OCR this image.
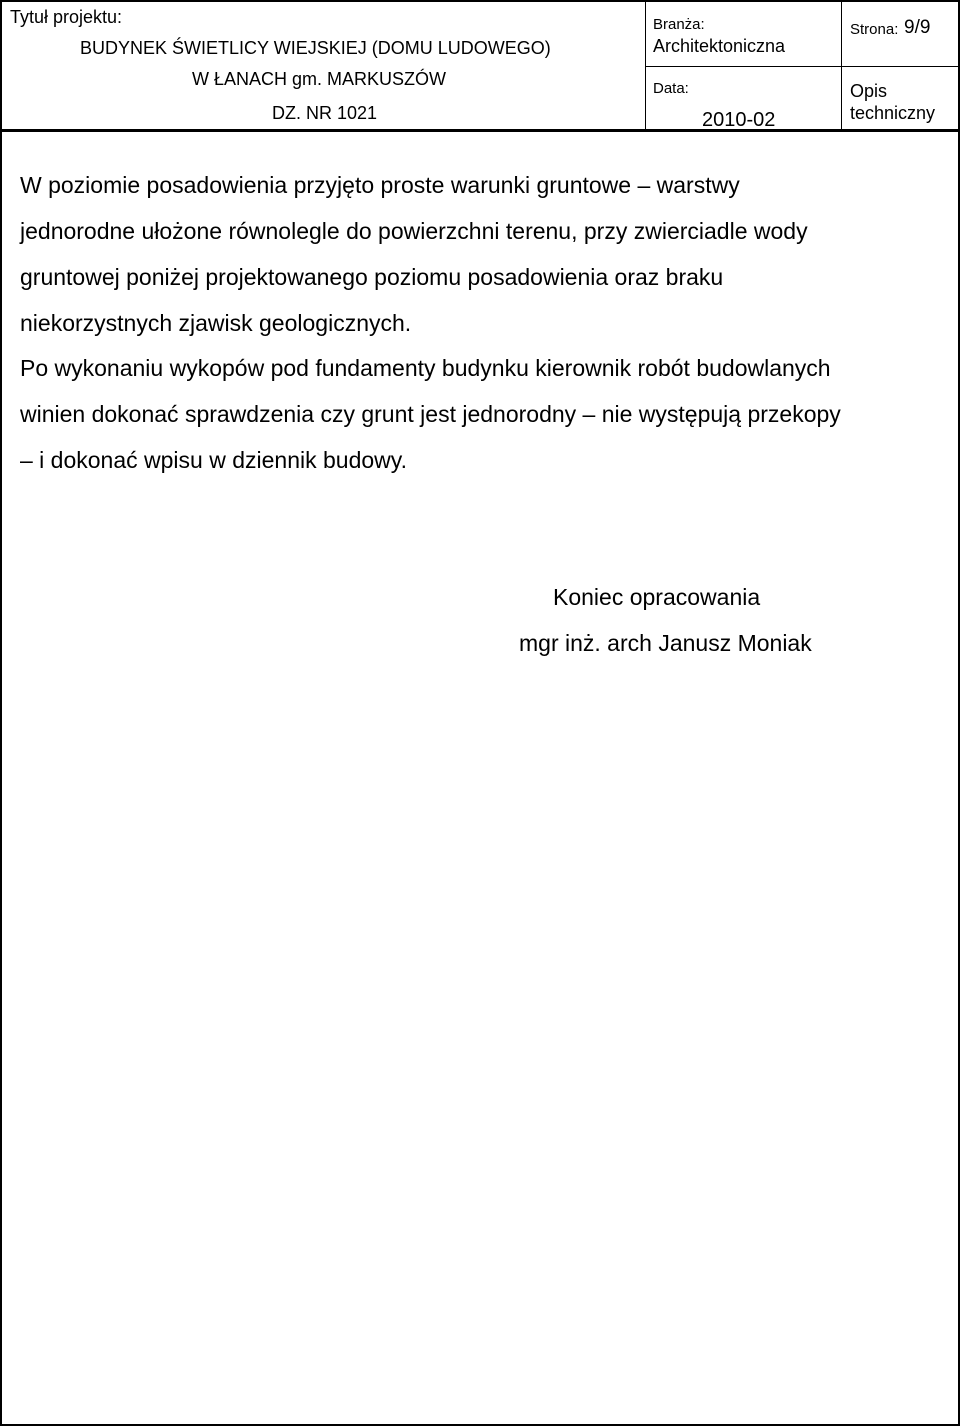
Tytuł projektu:
BUDYNEK ŚWIETLICY WIEJSKIEJ (DOMU LUDOWEGO)
W ŁANACH gm. MARKUSZÓW
DZ. NR 1021
Branża:
Architektoniczna
Data:
2010-02
Strona: 9/9
Opis
techniczny
W poziomie posadowienia przyjęto proste warunki gruntowe – warstwy
jednorodne ułożone równolegle do powierzchni terenu, przy zwierciadle wody
gruntowej poniżej projektowanego poziomu posadowienia oraz braku
niekorzystnych zjawisk geologicznych.
Po wykonaniu wykopów pod fundamenty budynku kierownik robót budowlanych
winien dokonać sprawdzenia czy grunt jest jednorodny – nie występują przekopy
– i dokonać wpisu w dziennik budowy.
Koniec opracowania
mgr inż. arch Janusz Moniak
